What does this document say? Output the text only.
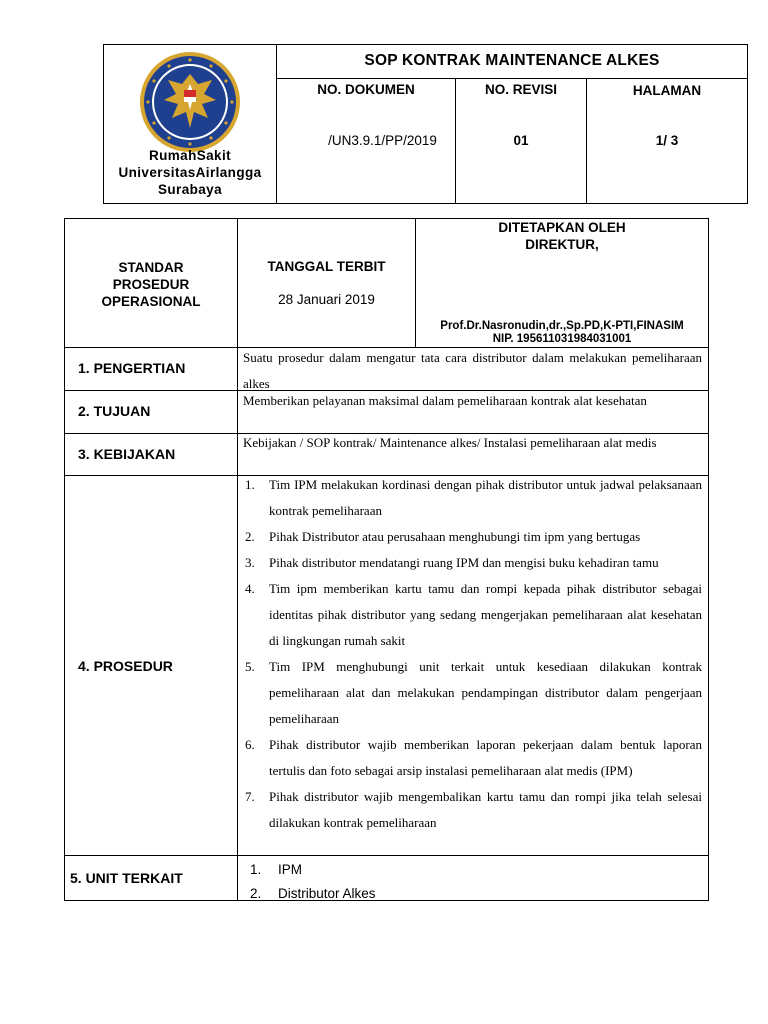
RumahSakit
UniversitasAirlangga
Surabaya
SOP KONTRAK MAINTENANCE ALKES
NO. DOKUMEN
/UN3.9.1/PP/2019
NO. REVISI
01
HALAMAN
1/ 3
STANDAR
PROSEDUR
OPERASIONAL
TANGGAL TERBIT
28 Januari 2019
DITETAPKAN OLEH
DIREKTUR,
Prof.Dr.Nasronudin,dr.,Sp.PD,K-PTI,FINASIM
NIP. 195611031984031001
1. PENGERTIAN
Suatu prosedur dalam mengatur tata cara distributor dalam melakukan pemeliharaan alkes
2. TUJUAN
Memberikan pelayanan maksimal dalam pemeliharaan kontrak alat kesehatan
3. KEBIJAKAN
Kebijakan / SOP kontrak/ Maintenance alkes/ Instalasi pemeliharaan alat medis
4. PROSEDUR
1. Tim IPM melakukan kordinasi dengan pihak distributor untuk jadwal pelaksanaan kontrak pemeliharaan
2. Pihak Distributor atau perusahaan menghubungi tim ipm yang bertugas
3. Pihak distributor mendatangi ruang IPM dan mengisi buku kehadiran tamu
4. Tim ipm memberikan kartu tamu dan rompi kepada pihak distributor sebagai identitas pihak distributor yang sedang mengerjakan pemeliharaan alat kesehatan di lingkungan rumah sakit
5. Tim IPM menghubungi unit terkait untuk kesediaan dilakukan kontrak pemeliharaan alat dan melakukan pendampingan distributor dalam pengerjaan pemeliharaan
6. Pihak distributor wajib memberikan laporan pekerjaan dalam bentuk laporan tertulis dan foto sebagai arsip instalasi pemeliharaan alat medis (IPM)
7. Pihak distributor wajib mengembalikan kartu tamu dan rompi jika telah selesai dilakukan kontrak pemeliharaan
5. UNIT TERKAIT
1. IPM
2. Distributor Alkes
